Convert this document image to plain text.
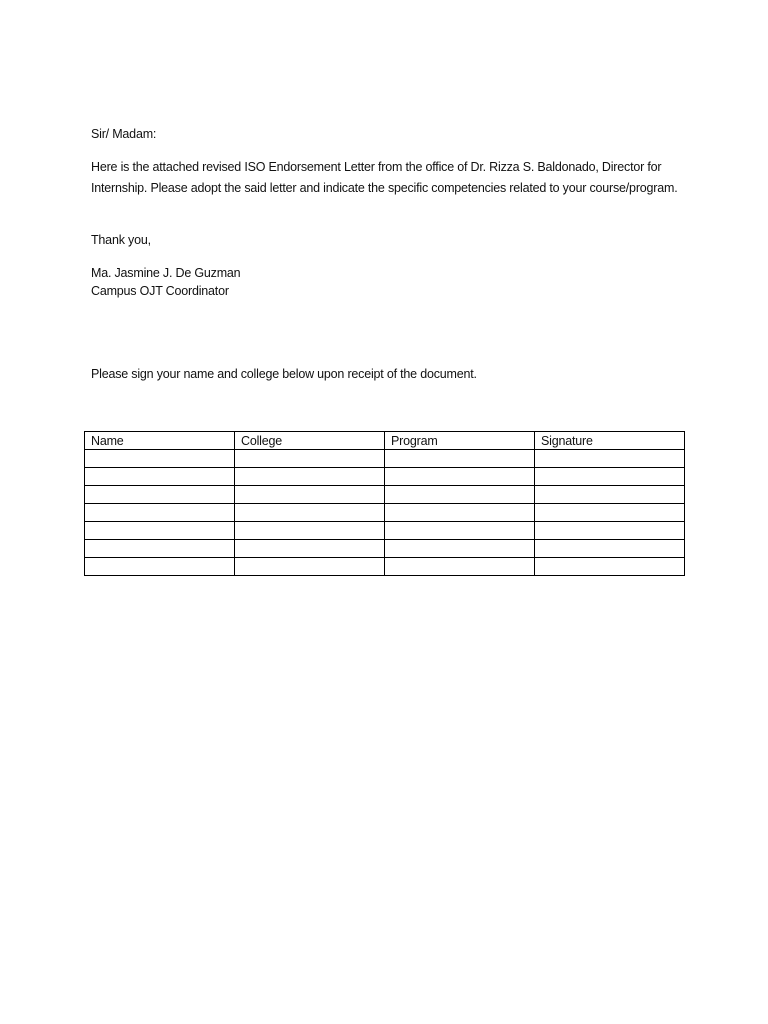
Sir/ Madam:
Here is the attached revised ISO Endorsement Letter from the office of Dr. Rizza S. Baldonado, Director for Internship. Please adopt the said letter and indicate the specific competencies related to your course/program.
Thank you,
Ma. Jasmine J. De Guzman
Campus OJT Coordinator
Please sign your name and college below upon receipt of the document.
Name	College	Program	Signature
